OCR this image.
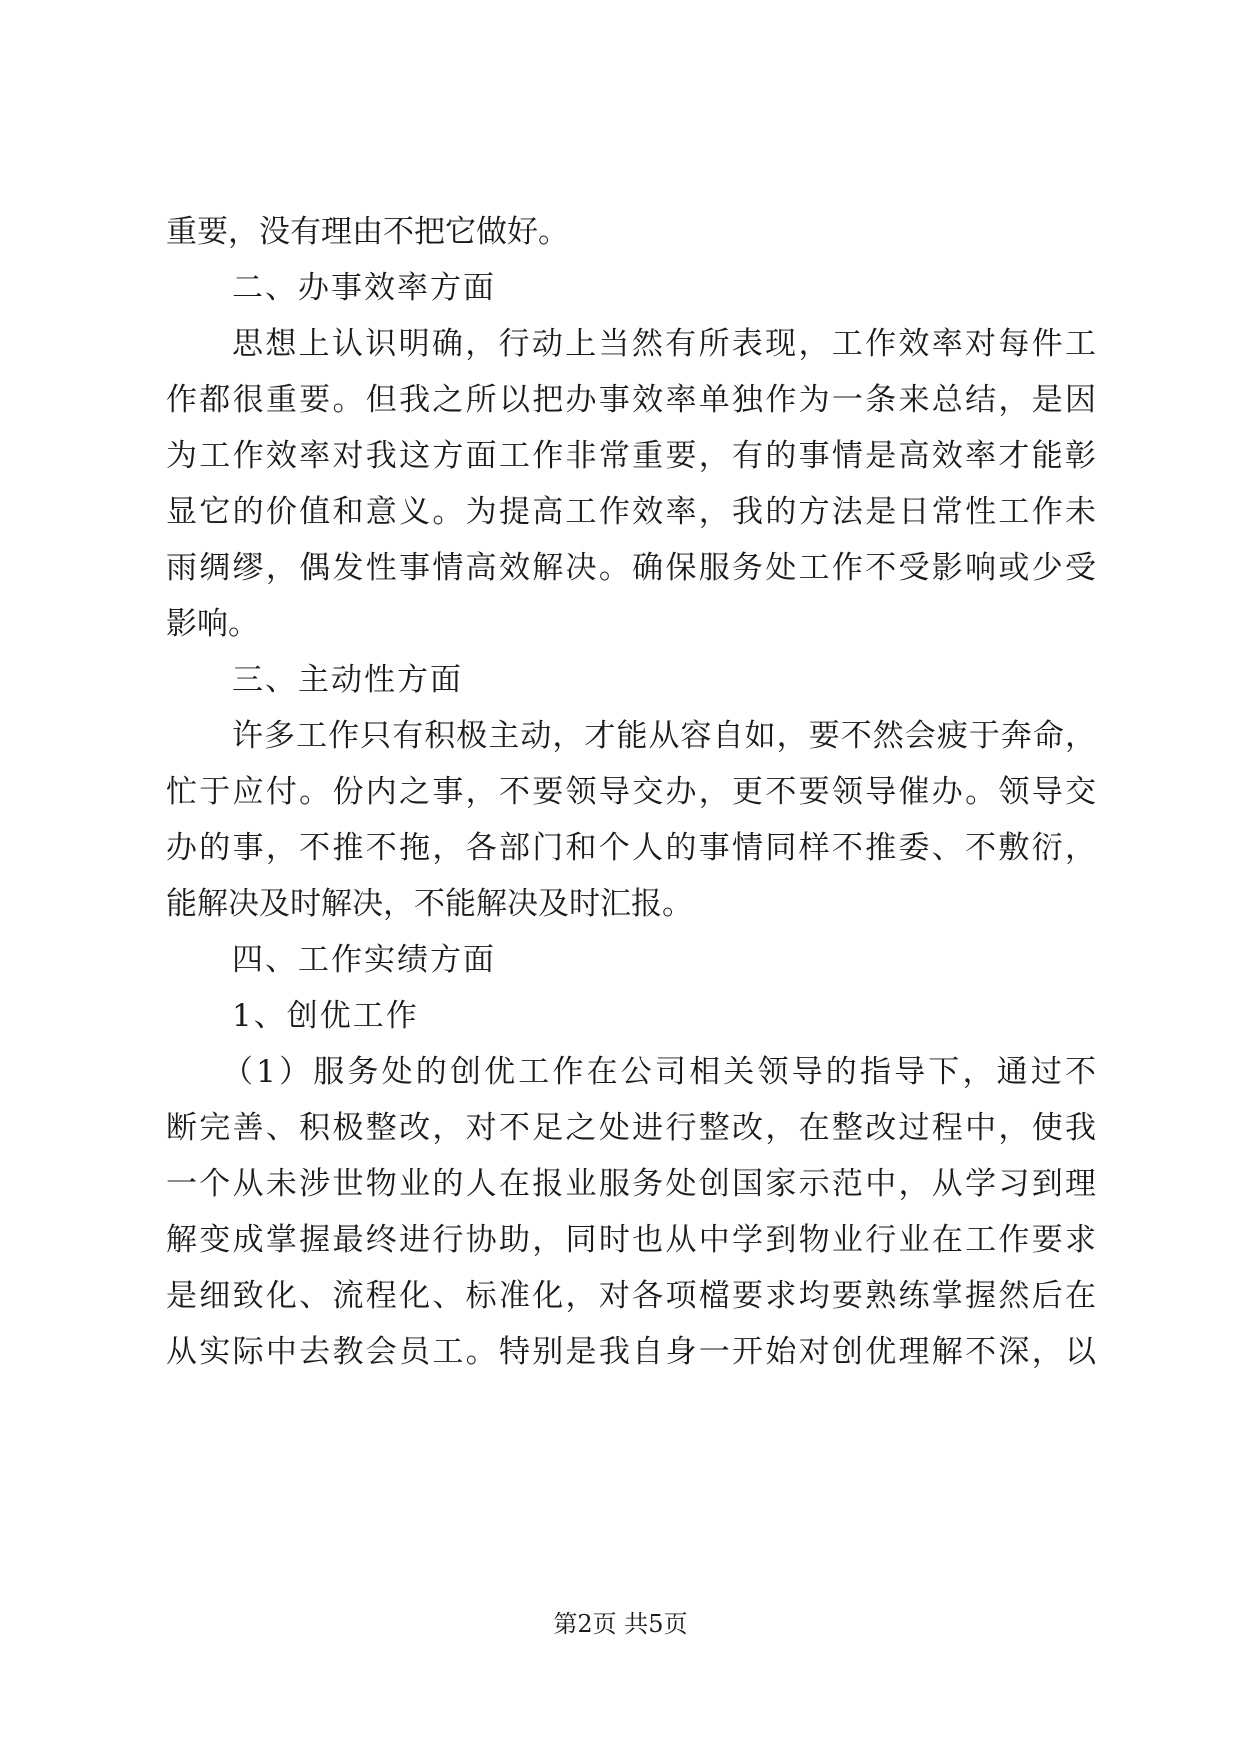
重要，没有理由不把它做好。
二、办事效率方面
思想上认识明确，行动上当然有所表现，工作效率对每件工
作都很重要。但我之所以把办事效率单独作为一条来总结，是因
为工作效率对我这方面工作非常重要，有的事情是高效率才能彰
显它的价值和意义。为提高工作效率，我的方法是日常性工作未
雨绸缪，偶发性事情高效解决。确保服务处工作不受影响或少受
影响。
三、主动性方面
许多工作只有积极主动，才能从容自如，要不然会疲于奔命，
忙于应付。份内之事，不要领导交办，更不要领导催办。领导交
办的事，不推不拖，各部门和个人的事情同样不推委、不敷衍，
能解决及时解决，不能解决及时汇报。
四、工作实绩方面
1、创优工作
（1）服务处的创优工作在公司相关领导的指导下，通过不
断完善、积极整改，对不足之处进行整改，在整改过程中，使我
一个从未涉世物业的人在报业服务处创国家示范中，从学习到理
解变成掌握最终进行协助，同时也从中学到物业行业在工作要求
是细致化、流程化、标准化，对各项檔要求均要熟练掌握然后在
从实际中去教会员工。特别是我自身一开始对创优理解不深，以
第2页 共5页
